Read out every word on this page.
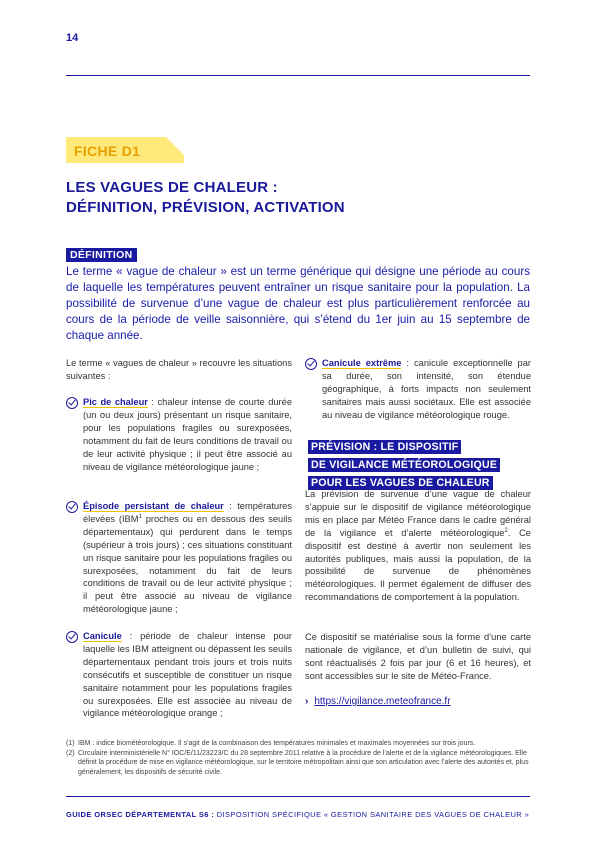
14
FICHE D1
LES VAGUES DE CHALEUR :
DÉFINITION, PRÉVISION, ACTIVATION
DÉFINITION
Le terme « vague de chaleur » est un terme générique qui désigne une période au cours de laquelle les températures peuvent entraîner un risque sanitaire pour la population. La possibilité de survenue d’une vague de chaleur est plus particulièrement renforcée au cours de la période de veille saisonnière, qui s’étend du 1er juin au 15 septembre de chaque année.
Le terme « vagues de chaleur » recouvre les situations suivantes :
Pic de chaleur : chaleur intense de courte durée (un ou deux jours) présentant un risque sanitaire, pour les populations fragiles ou surexposées, notamment du fait de leurs conditions de travail ou de leur activité physique ; il peut être associé au niveau de vigilance météorologique jaune ;
Épisode persistant de chaleur : températures élevées (IBM$^1$ proches ou en dessous des seuils départementaux) qui perdurent dans le temps (supérieur à trois jours) ; ces situations constituant un risque sanitaire pour les populations fragiles ou surexposées, notamment du fait de leurs conditions de travail ou de leur activité physique ; il peut être associé au niveau de vigilance météorologique jaune ;
Canicule : période de chaleur intense pour laquelle les IBM atteignent ou dépassent les seuils départementaux pendant trois jours et trois nuits consécutifs et susceptible de constituer un risque sanitaire notamment pour les populations fragiles ou surexposées. Elle est associée au niveau de vigilance météorologique orange ;
Canicule extrême : canicule exceptionnelle par sa durée, son intensité, son étendue géographique, à forts impacts non seulement sanitaires mais aussi sociétaux. Elle est associée au niveau de vigilance météorologique rouge.
PRÉVISION : LE DISPOSITIF
DE VIGILANCE MÉTÉOROLOGIQUE
POUR LES VAGUES DE CHALEUR
La prévision de survenue d’une vague de chaleur s’appuie sur le dispositif de vigilance météorologique mis en place par Météo France dans le cadre général de la vigilance et d’alerte météorologique$^2$. Ce dispositif est destiné à avertir non seulement les autorités publiques, mais aussi la population, de la possibilité de survenue de phénomènes météorologiques. Il permet également de diffuser des recommandations de comportement à la population.
Ce dispositif se matérialise sous la forme d’une carte nationale de vigilance, et d’un bulletin de suivi, qui sont réactualisés 2 fois par jour (6 et 16 heures), et sont accessibles sur le site de Météo-France.
› https://vigilance.meteofrance.fr
(1) IBM : indice biométéorologique. Il s’agit de la combinaison des températures minimales et maximales moyennées sur trois jours.
(2) Circulaire interministérielle N° IOC/E/11/23223/C du 28 septembre 2011 relative à la procédure de l’alerte et de la vigilance météorologiques. Elle définit la procédure de mise en vigilance météorologique, sur le territoire métropolitain ainsi que son articulation avec l’alerte des autorités et, plus généralement, les dispositifs de sécurité civile.
GUIDE ORSEC DÉPARTEMENTAL S6 : DISPOSITION SPÉCIFIQUE « GESTION SANITAIRE DES VAGUES DE CHALEUR »
